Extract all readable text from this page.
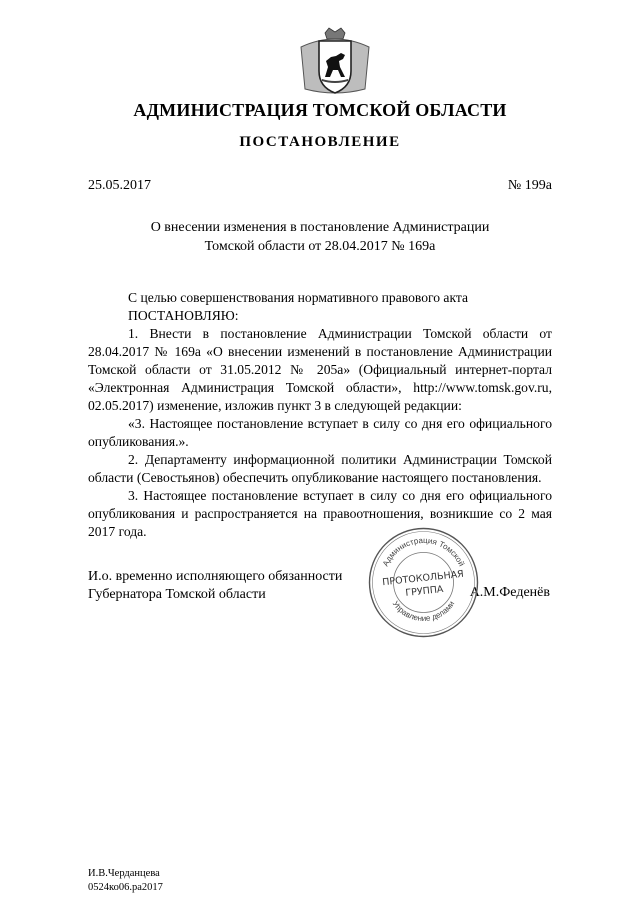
АДМИНИСТРАЦИЯ ТОМСКОЙ ОБЛАСТИ
ПОСТАНОВЛЕНИЕ
25.05.2017	№ 199а
О внесении изменения в постановление Администрации
Томской области от 28.04.2017 № 169а

С целью совершенствования нормативного правового акта

ПОСТАНОВЛЯЮ:

1. Внести в постановление Администрации Томской области от 28.04.2017 № 169а «О внесении изменений в постановление Администрации Томской области от 31.05.2012 № 205а» (Официальный интернет-портал «Электронная Администрация Томской области», http://www.tomsk.gov.ru, 02.05.2017) изменение, изложив пункт 3 в следующей редакции:

«3. Настоящее постановление вступает в силу со дня его официального опубликования.».

2. Департаменту информационной политики Администрации Томской области (Севостьянов) обеспечить опубликование настоящего постановления.

3. Настоящее постановление вступает в силу со дня его официального опубликования и распространяется на правоотношения, возникшие со 2 мая 2017 года.

И.о. временно исполняющего обязанности
Губернатора Томской области	А.М.Феденёв
Администрация Томской
Управление делами
ПРОТОКОЛЬНАЯ
ГРУППА
И.В.Черданцева
0524ко06.ра2017
